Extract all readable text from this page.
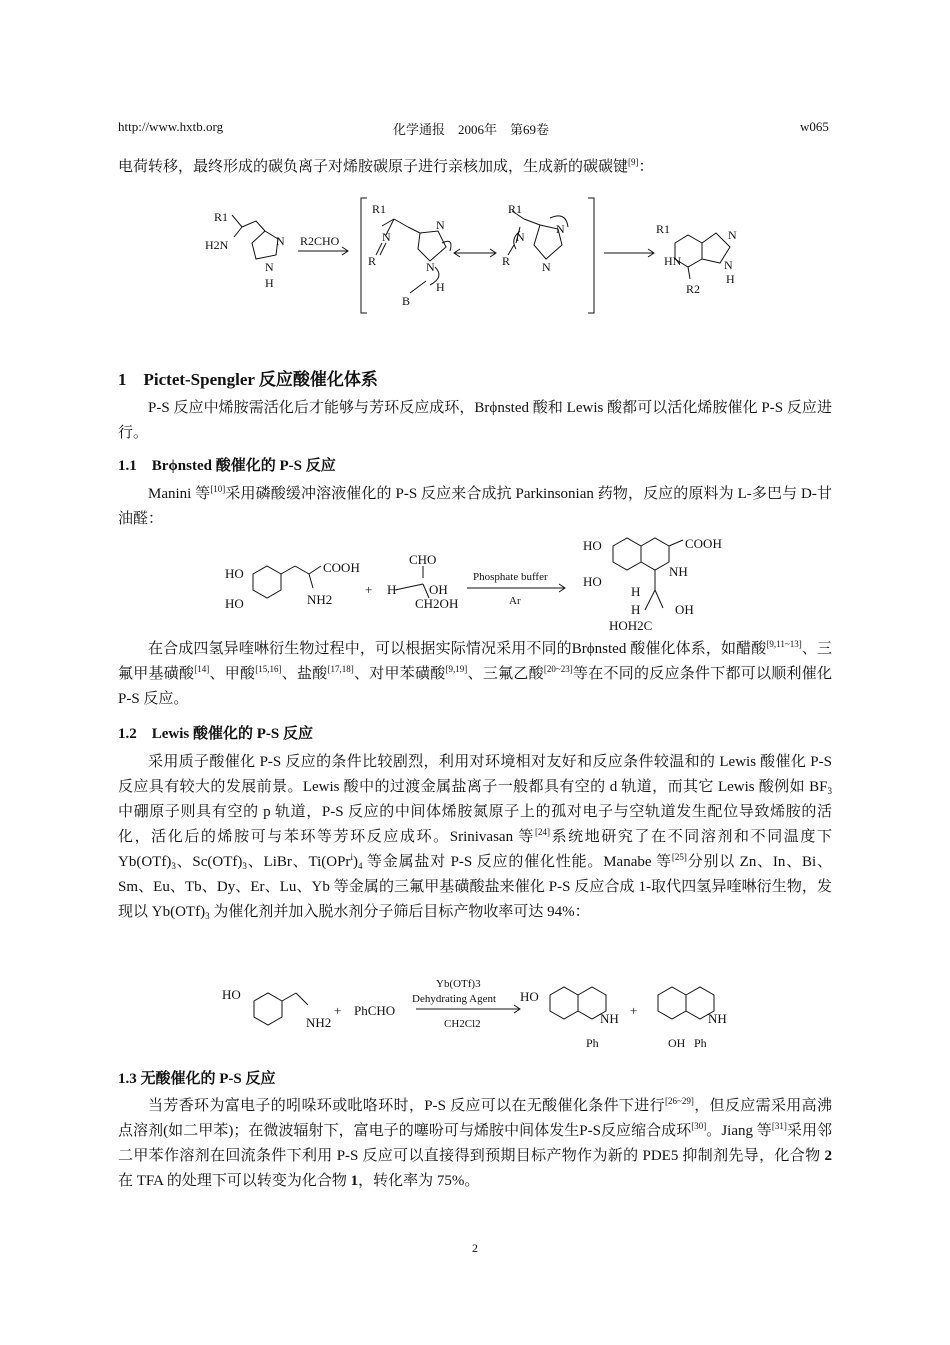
http://www.hxtb.org	化学通报　2006年　第69卷	w065

电荷转移，最终形成的碳负离子对烯胺碳原子进行亲核加成，生成新的碳碳键[9]：

R1
H2N	N
N
H
R2CHO
R1
N
R
N
N
H
B
R1
N
R
N
N
R1
HN
N
N
H
R2
1　Pictet-Spengler 反应酸催化体系

P-S 反应中烯胺需活化后才能够与芳环反应成环，Brϕnsted 酸和 Lewis 酸都可以活化烯胺催化 P-S 反应进行。

1.1　Brϕnsted 酸催化的 P-S 反应

Manini 等[10]采用磷酸缓冲溶液催化的 P-S 反应来合成抗 Parkinsonian 药物，反应的原料为 L-多巴与 D-甘油醛：

HO
HO
COOH
NH2
+
CHO
H	OH
CH2OH
Phosphate buffer
Ar
HO
HO
COOH
NH
H
H	OH
HOH2C

在合成四氢异喹啉衍生物过程中，可以根据实际情况采用不同的Brϕnsted 酸催化体系，如醋酸[9,11~13]、三氟甲基磺酸[14]、甲酸[15,16]、盐酸[17,18]、对甲苯磺酸[9,19]、三氟乙酸[20~23]等在不同的反应条件下都可以顺利催化 P-S 反应。

1.2　Lewis 酸催化的 P-S 反应

采用质子酸催化 P-S 反应的条件比较剧烈，利用对环境相对友好和反应条件较温和的 Lewis 酸催化 P-S 反应具有较大的发展前景。Lewis 酸中的过渡金属盐离子一般都具有空的 d 轨道，而其它 Lewis 酸例如 $BF_3$ 中硼原子则具有空的 p 轨道，P-S 反应的中间体烯胺氮原子上的孤对电子与空轨道发生配位导致烯胺的活化，活化后的烯胺可与苯环等芳环反应成环。Srinivasan 等[24]系统地研究了在不同溶剂和不同温度下 $Yb(OTf)_3$、$Sc(OTf)_3$、LiBr、$Ti(OPr^i)_4$ 等金属盐对 P-S 反应的催化性能。Manabe 等[25]分别以 Zn、In、Bi、Sm、Eu、Tb、Dy、Er、Lu、Yb 等金属的三氟甲基磺酸盐来催化 P-S 反应合成 1-取代四氢异喹啉衍生物，发现以 $Yb(OTf)_3$ 为催化剂并加入脱水剂分子筛后目标产物收率可达 94%：

HO
NH2
+ PhCHO
Yb(OTf)3
Dehydrating Agent
CH2Cl2
HO
NH
Ph
+
NH
OH Ph
1.3 无酸催化的 P-S 反应

当芳香环为富电子的吲哚环或吡咯环时，P-S 反应可以在无酸催化条件下进行[26~29]，但反应需采用高沸点溶剂(如二甲苯)；在微波辐射下，富电子的噻吩可与烯胺中间体发生P-S反应缩合成环[30]。Jiang 等[31]采用邻二甲苯作溶剂在回流条件下利用 P-S 反应可以直接得到预期目标产物作为新的 PDE5 抑制剂先导，化合物 2 在 TFA 的处理下可以转变为化合物 1，转化率为 75%。

2
